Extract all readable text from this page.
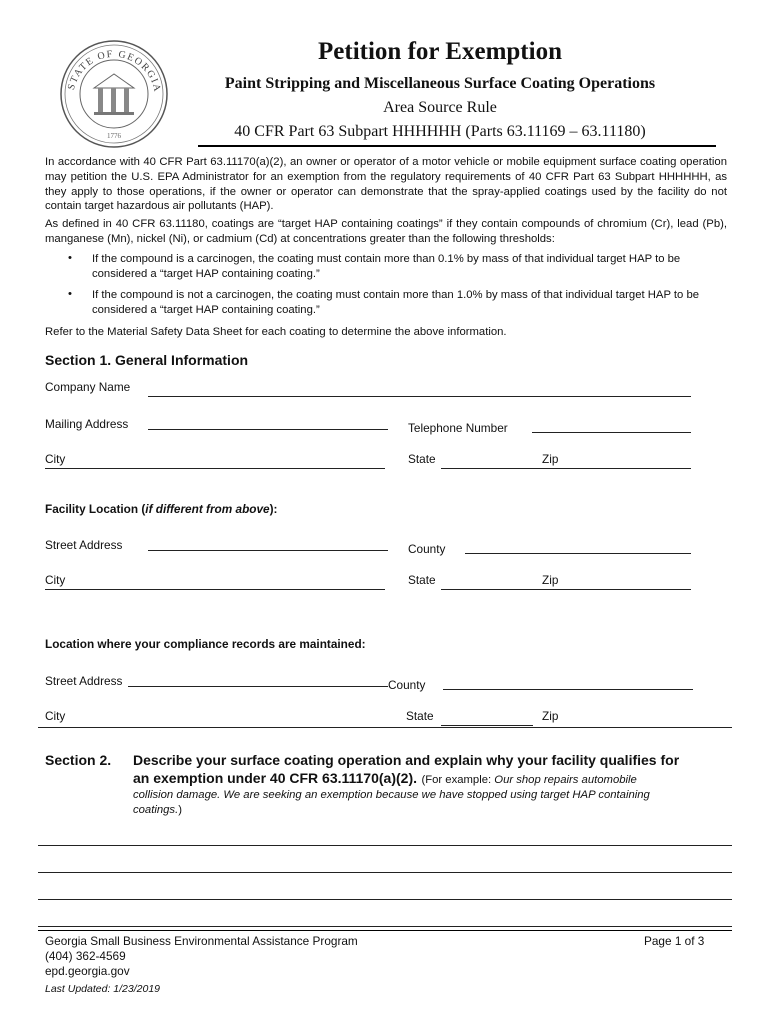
STATE OF GEORGIA
1776
Petition for Exemption
Paint Stripping and Miscellaneous Surface Coating Operations
Area Source Rule
40 CFR Part 63 Subpart HHHHHH (Parts 63.11169 – 63.11180)
In accordance with 40 CFR Part 63.11170(a)(2), an owner or operator of a motor vehicle or mobile equipment surface coating operation may petition the U.S. EPA Administrator for an exemption from the regulatory requirements of 40 CFR Part 63 Subpart HHHHHH, as they apply to those operations, if the owner or operator can demonstrate that the spray-applied coatings used by the facility do not contain target hazardous air pollutants (HAP).
As defined in 40 CFR 63.11180, coatings are “target HAP containing coatings” if they contain compounds of chromium (Cr), lead (Pb), manganese (Mn), nickel (Ni), or cadmium (Cd) at concentrations greater than the following thresholds:
• If the compound is a carcinogen, the coating must contain more than 0.1% by mass of that individual target HAP to be considered a “target HAP containing coating.”
• If the compound is not a carcinogen, the coating must contain more than 1.0% by mass of that individual target HAP to be considered a “target HAP containing coating.”
Refer to the Material Safety Data Sheet for each coating to determine the above information.
Section 1. General Information
Company Name
Mailing Address	Telephone Number
City	State	Zip
Facility Location (if different from above):
Street Address	County
City	State	Zip
Location where your compliance records are maintained:
Street Address	County
City	State	Zip
Section 2. Describe your surface coating operation and explain why your facility qualifies for
an exemption under 40 CFR 63.11170(a)(2). (For example: Our shop repairs automobile
collision damage. We are seeking an exemption because we have stopped using target HAP containing
coatings.)
Georgia Small Business Environmental Assistance Program
(404) 362-4569
epd.georgia.gov
Last Updated: 1/23/2019
Page 1 of 3
